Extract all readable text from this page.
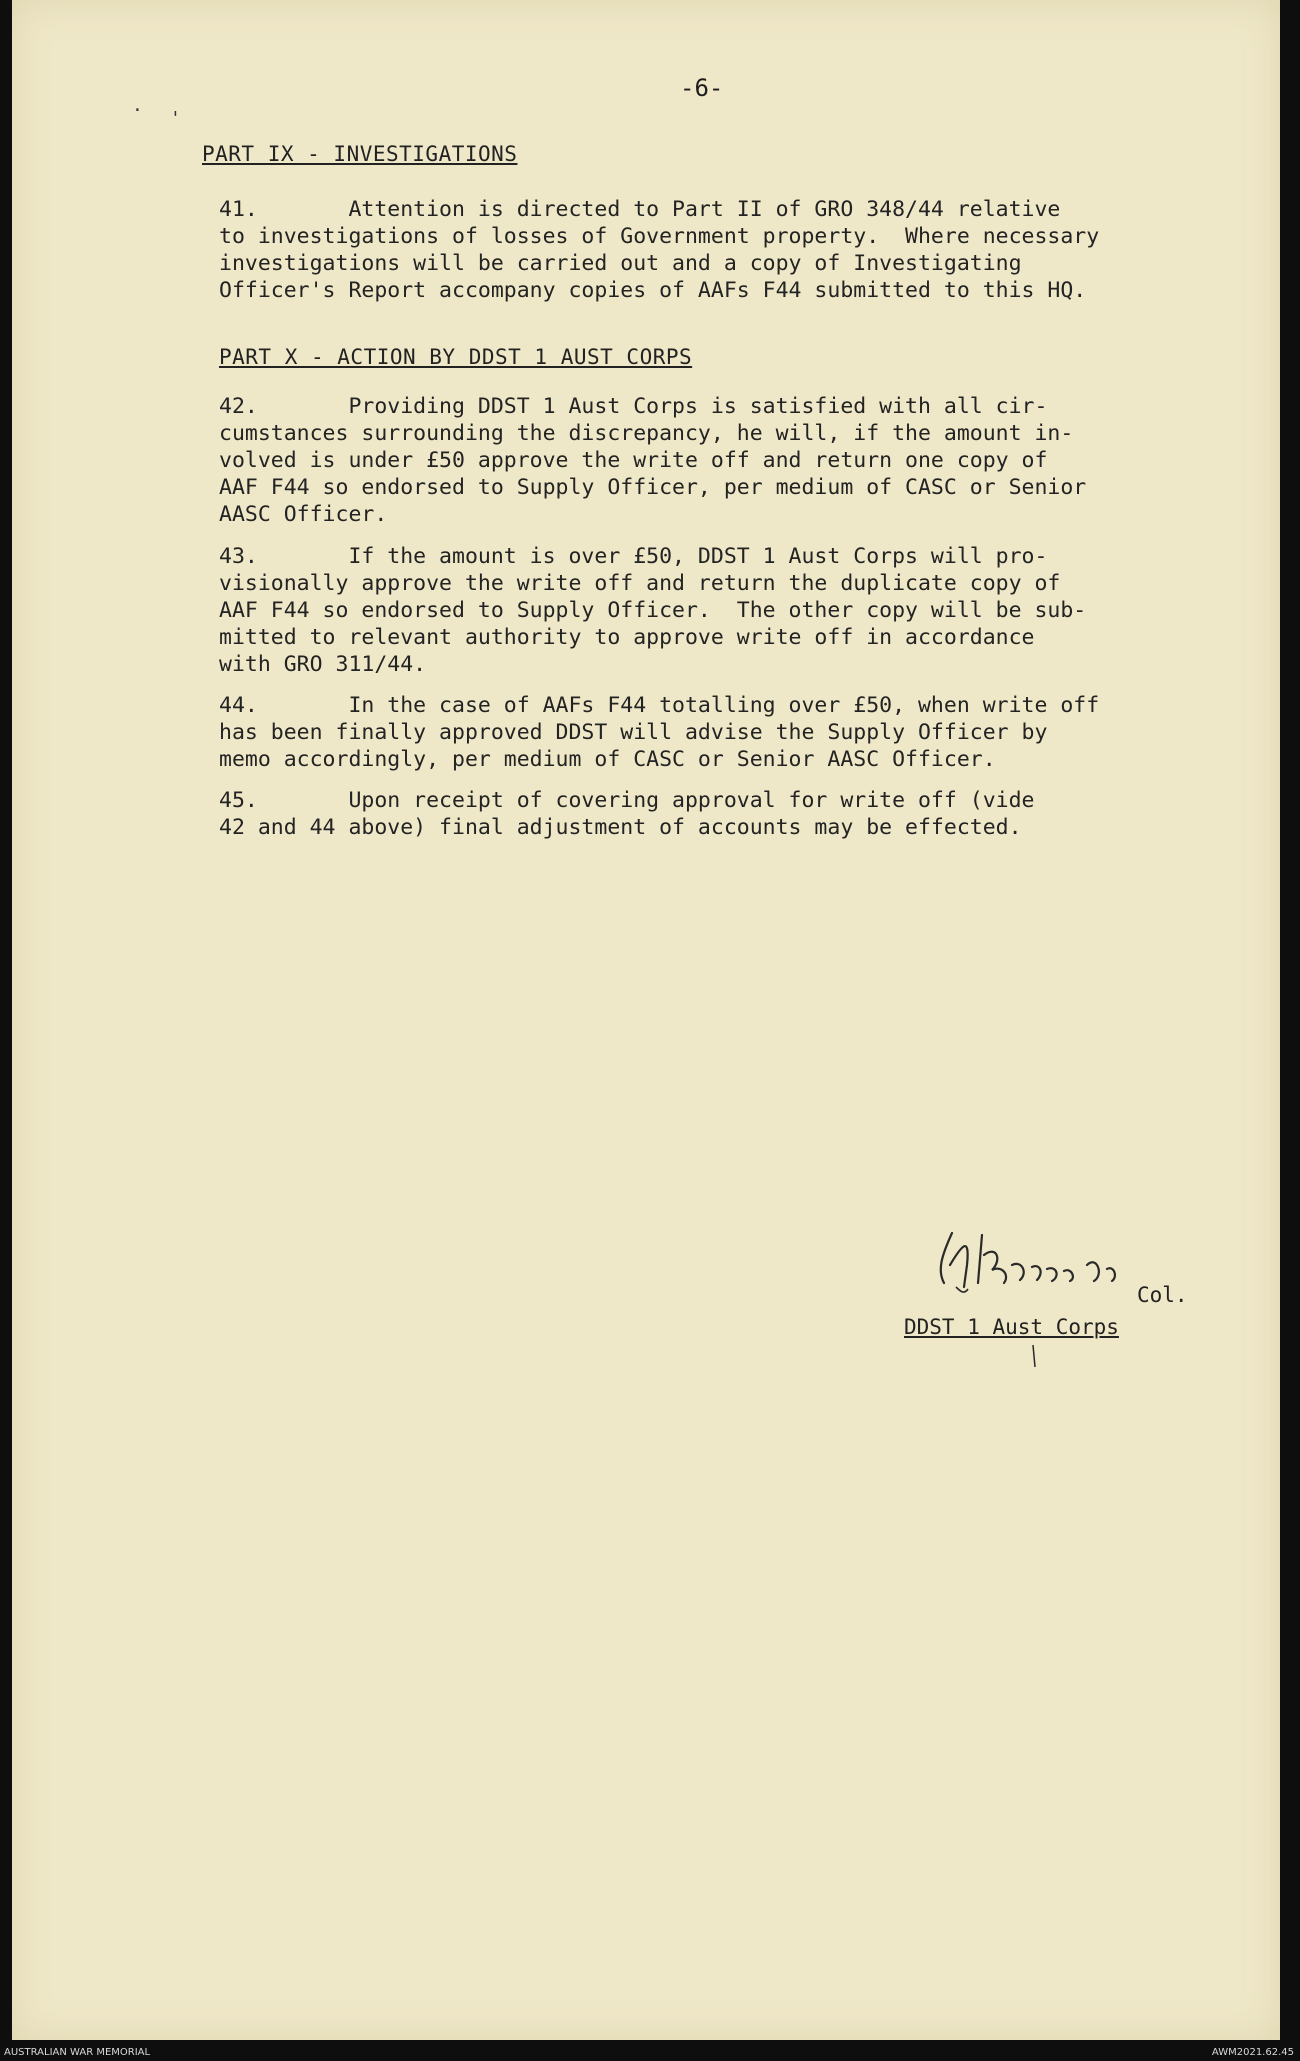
-6-
· '
PART IX - INVESTIGATIONS

41.       Attention is directed to Part II of GRO 348/44 relative
to investigations of losses of Government property.  Where necessary
investigations will be carried out and a copy of Investigating
Officer's Report accompany copies of AAFs F44 submitted to this HQ.

PART X - ACTION BY DDST 1 AUST CORPS

42.       Providing DDST 1 Aust Corps is satisfied with all cir-
cumstances surrounding the discrepancy, he will, if the amount in-
volved is under £50 approve the write off and return one copy of
AAF F44 so endorsed to Supply Officer, per medium of CASC or Senior
AASC Officer.

43.       If the amount is over £50, DDST 1 Aust Corps will pro-
visionally approve the write off and return the duplicate copy of
AAF F44 so endorsed to Supply Officer.  The other copy will be sub-
mitted to relevant authority to approve write off in accordance
with GRO 311/44.

44.       In the case of AAFs F44 totalling over £50, when write off
has been finally approved DDST will advise the Supply Officer by
memo accordingly, per medium of CASC or Senior AASC Officer.

45.       Upon receipt of covering approval for write off (vide
42 and 44 above) final adjustment of accounts may be effected.

Col.
DDST 1 Aust Corps
AUSTRALIAN WAR MEMORIAL	AWM2021.62.45
